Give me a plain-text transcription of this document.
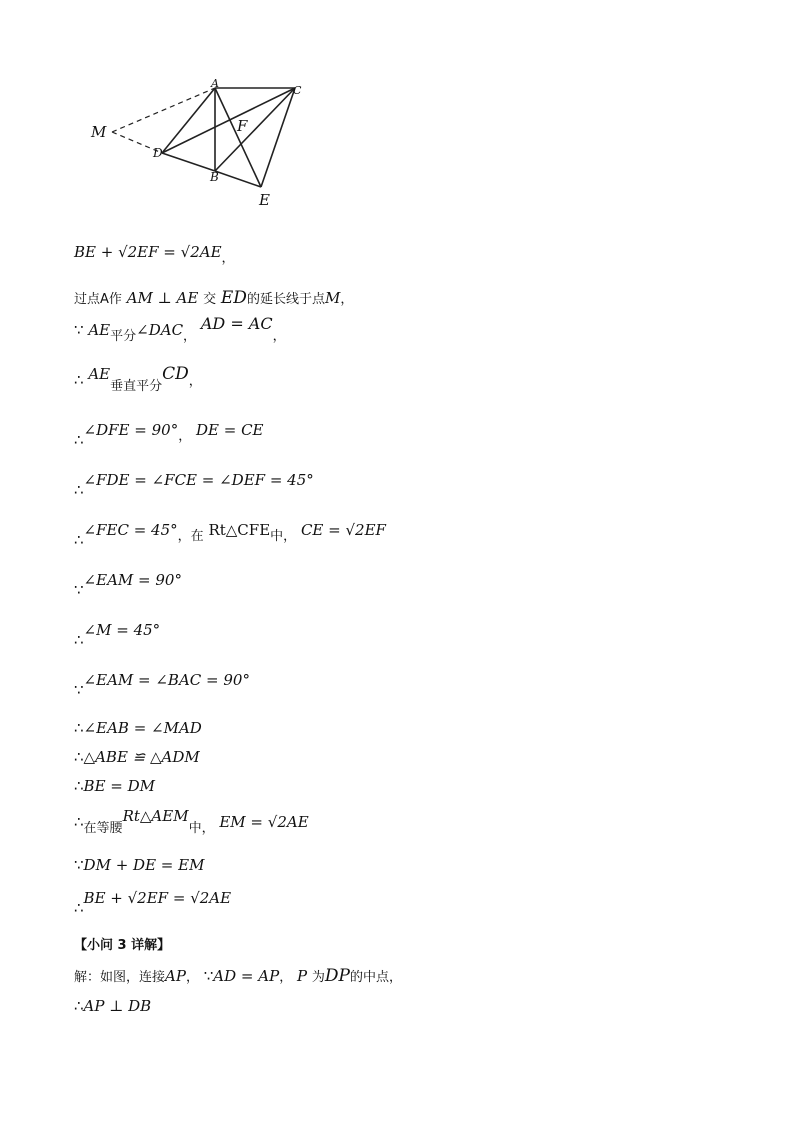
A
C
M
D
F
B
E
BE + √2EF = √2AE，
过点A作 AM ⊥ AE 交 ED的延长线于点M，
∵ AE平分∠DAC， AD = AC，
∴ AE垂直平分CD，
∴∠DFE = 90°， DE = CE
∴∠FDE = ∠FCE = ∠DEF = 45°
∴∠FEC = 45°，在 Rt△CFE中， CE = √2EF
∵∠EAM = 90°
∴∠M = 45°
∵∠EAM = ∠BAC = 90°
∴∠EAB = ∠MAD
∴△ABE ≌ △ADM
∴BE = DM
∴在等腰Rt△AEM中， EM = √2AE
∵DM + DE = EM
∴BE + √2EF = √2AE
【小问 3 详解】
解：如图，连接AP， ∵AD = AP， P 为DP的中点，
∴AP ⊥ DB
